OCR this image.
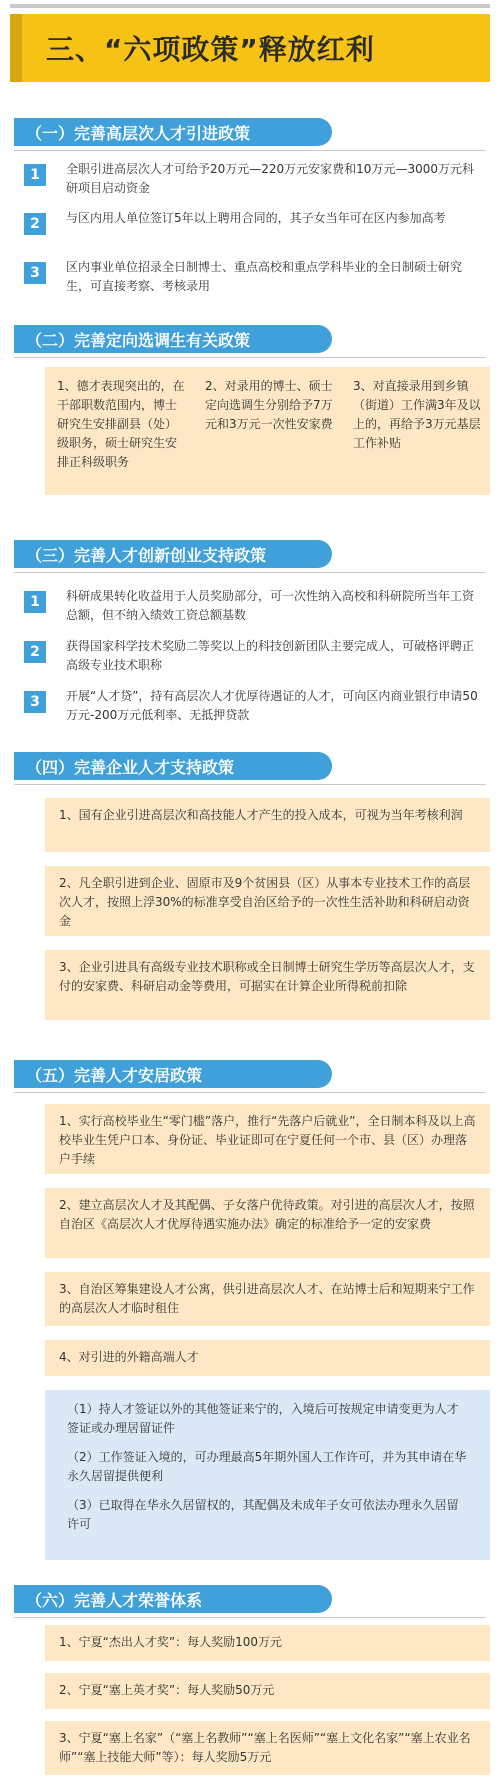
三、“六项政策”释放红利
（一）完善高层次人才引进政策
1	全职引进高层次人才可给予20万元—220万元安家费和10万元—3000万元科研项目启动资金
2	与区内用人单位签订5年以上聘用合同的，其子女当年可在区内参加高考
3	区内事业单位招录全日制博士、重点高校和重点学科毕业的全日制硕士研究生，可直接考察、考核录用
（二）完善定向选调生有关政策
1、德才表现突出的，在干部职数范围内，博士研究生安排副县（处）级职务，硕士研究生安排正科级职务
2、对录用的博士、硕士定向选调生分别给予7万元和3万元一次性安家费
3、对直接录用到乡镇（街道）工作满3年及以上的，再给予3万元基层工作补贴
（三）完善人才创新创业支持政策
1	科研成果转化收益用于人员奖励部分，可一次性纳入高校和科研院所当年工资总额，但不纳入绩效工资总额基数
2	获得国家科学技术奖励二等奖以上的科技创新团队主要完成人，可破格评聘正高级专业技术职称
3	开展“人才贷”，持有高层次人才优厚待遇证的人才，可向区内商业银行申请50万元-200万元低利率、无抵押贷款
（四）完善企业人才支持政策
1、国有企业引进高层次和高技能人才产生的投入成本，可视为当年考核利润
2、凡全职引进到企业、固原市及9个贫困县（区）从事本专业技术工作的高层次人才，按照上浮30%的标准享受自治区给予的一次性生活补助和科研启动资金
3、企业引进具有高级专业技术职称或全日制博士研究生学历等高层次人才，支付的安家费、科研启动金等费用，可据实在计算企业所得税前扣除
（五）完善人才安居政策
1、实行高校毕业生“零门槛”落户，推行“先落户后就业”，全日制本科及以上高校毕业生凭户口本、身份证、毕业证即可在宁夏任何一个市、县（区）办理落户手续
2、建立高层次人才及其配偶、子女落户优待政策。对引进的高层次人才，按照自治区《高层次人才优厚待遇实施办法》确定的标准给予一定的安家费
3、自治区筹集建设人才公寓，供引进高层次人才、在站博士后和短期来宁工作的高层次人才临时租住
4、对引进的外籍高端人才
（1）持人才签证以外的其他签证来宁的，入境后可按规定申请变更为人才签证或办理居留证件
（2）工作签证入境的，可办理最高5年期外国人工作许可，并为其申请在华永久居留提供便利
（3）已取得在华永久居留权的，其配偶及未成年子女可依法办理永久居留许可
（六）完善人才荣誉体系
1、宁夏“杰出人才奖”：每人奖励100万元
2、宁夏“塞上英才奖”：每人奖励50万元
3、宁夏“塞上名家”（“塞上名教师”“塞上名医师”“塞上文化名家”“塞上农业名师”“塞上技能大师”等）：每人奖励5万元
